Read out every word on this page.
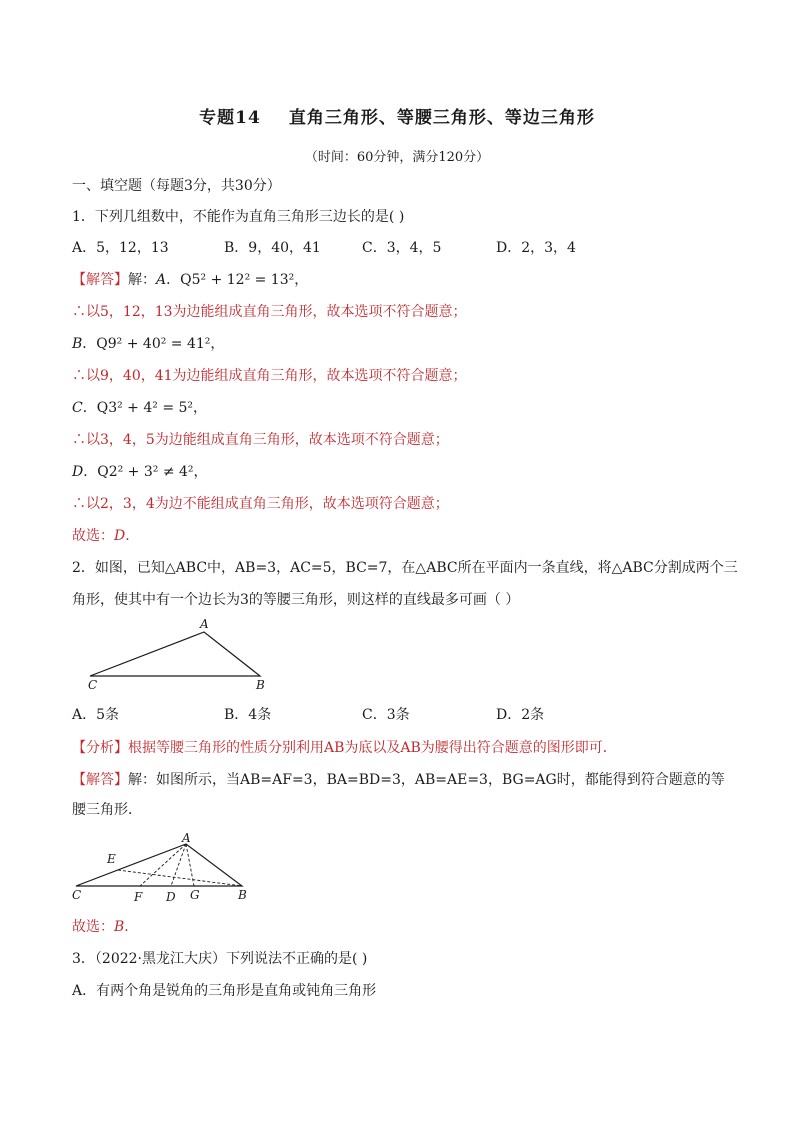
专题14 直角三角形、等腰三角形、等边三角形
（时间：60分钟，满分120分）
一、填空题（每题3分，共30分）
1．下列几组数中，不能作为直角三角形三边长的是( )
A．5，12，13	B．9，40，41	C．3，4，5	D．2，3，4
【解答】解：A．Q5² + 12² = 13²，
∴以5，12，13为边能组成直角三角形，故本选项不符合题意；
B．Q9² + 40² = 41²，
∴以9，40，41为边能组成直角三角形，故本选项不符合题意；
C．Q3² + 4² = 5²，
∴以3，4，5为边能组成直角三角形，故本选项不符合题意；
D．Q2² + 3² ≠ 4²，
∴以2，3，4为边不能组成直角三角形，故本选项符合题意；
故选：D．
2．如图，已知△ABC中，AB=3，AC=5，BC=7，在△ABC所在平面内一条直线，将△ABC分割成两个三
角形，使其中有一个边长为3的等腰三角形，则这样的直线最多可画（ ）
A
B
C
A．5条	B．4条	C．3条	D．2条
【分析】根据等腰三角形的性质分别利用AB为底以及AB为腰得出符合题意的图形即可．
【解答】解：如图所示，当AB=AF=3，BA=BD=3，AB=AE=3，BG=AG时，都能得到符合题意的等
腰三角形．
A
B
C	D
E
F	G
故选：B．
3．（2022·黑龙江大庆）下列说法不正确的是( )
A．有两个角是锐角的三角形是直角或钝角三角形
